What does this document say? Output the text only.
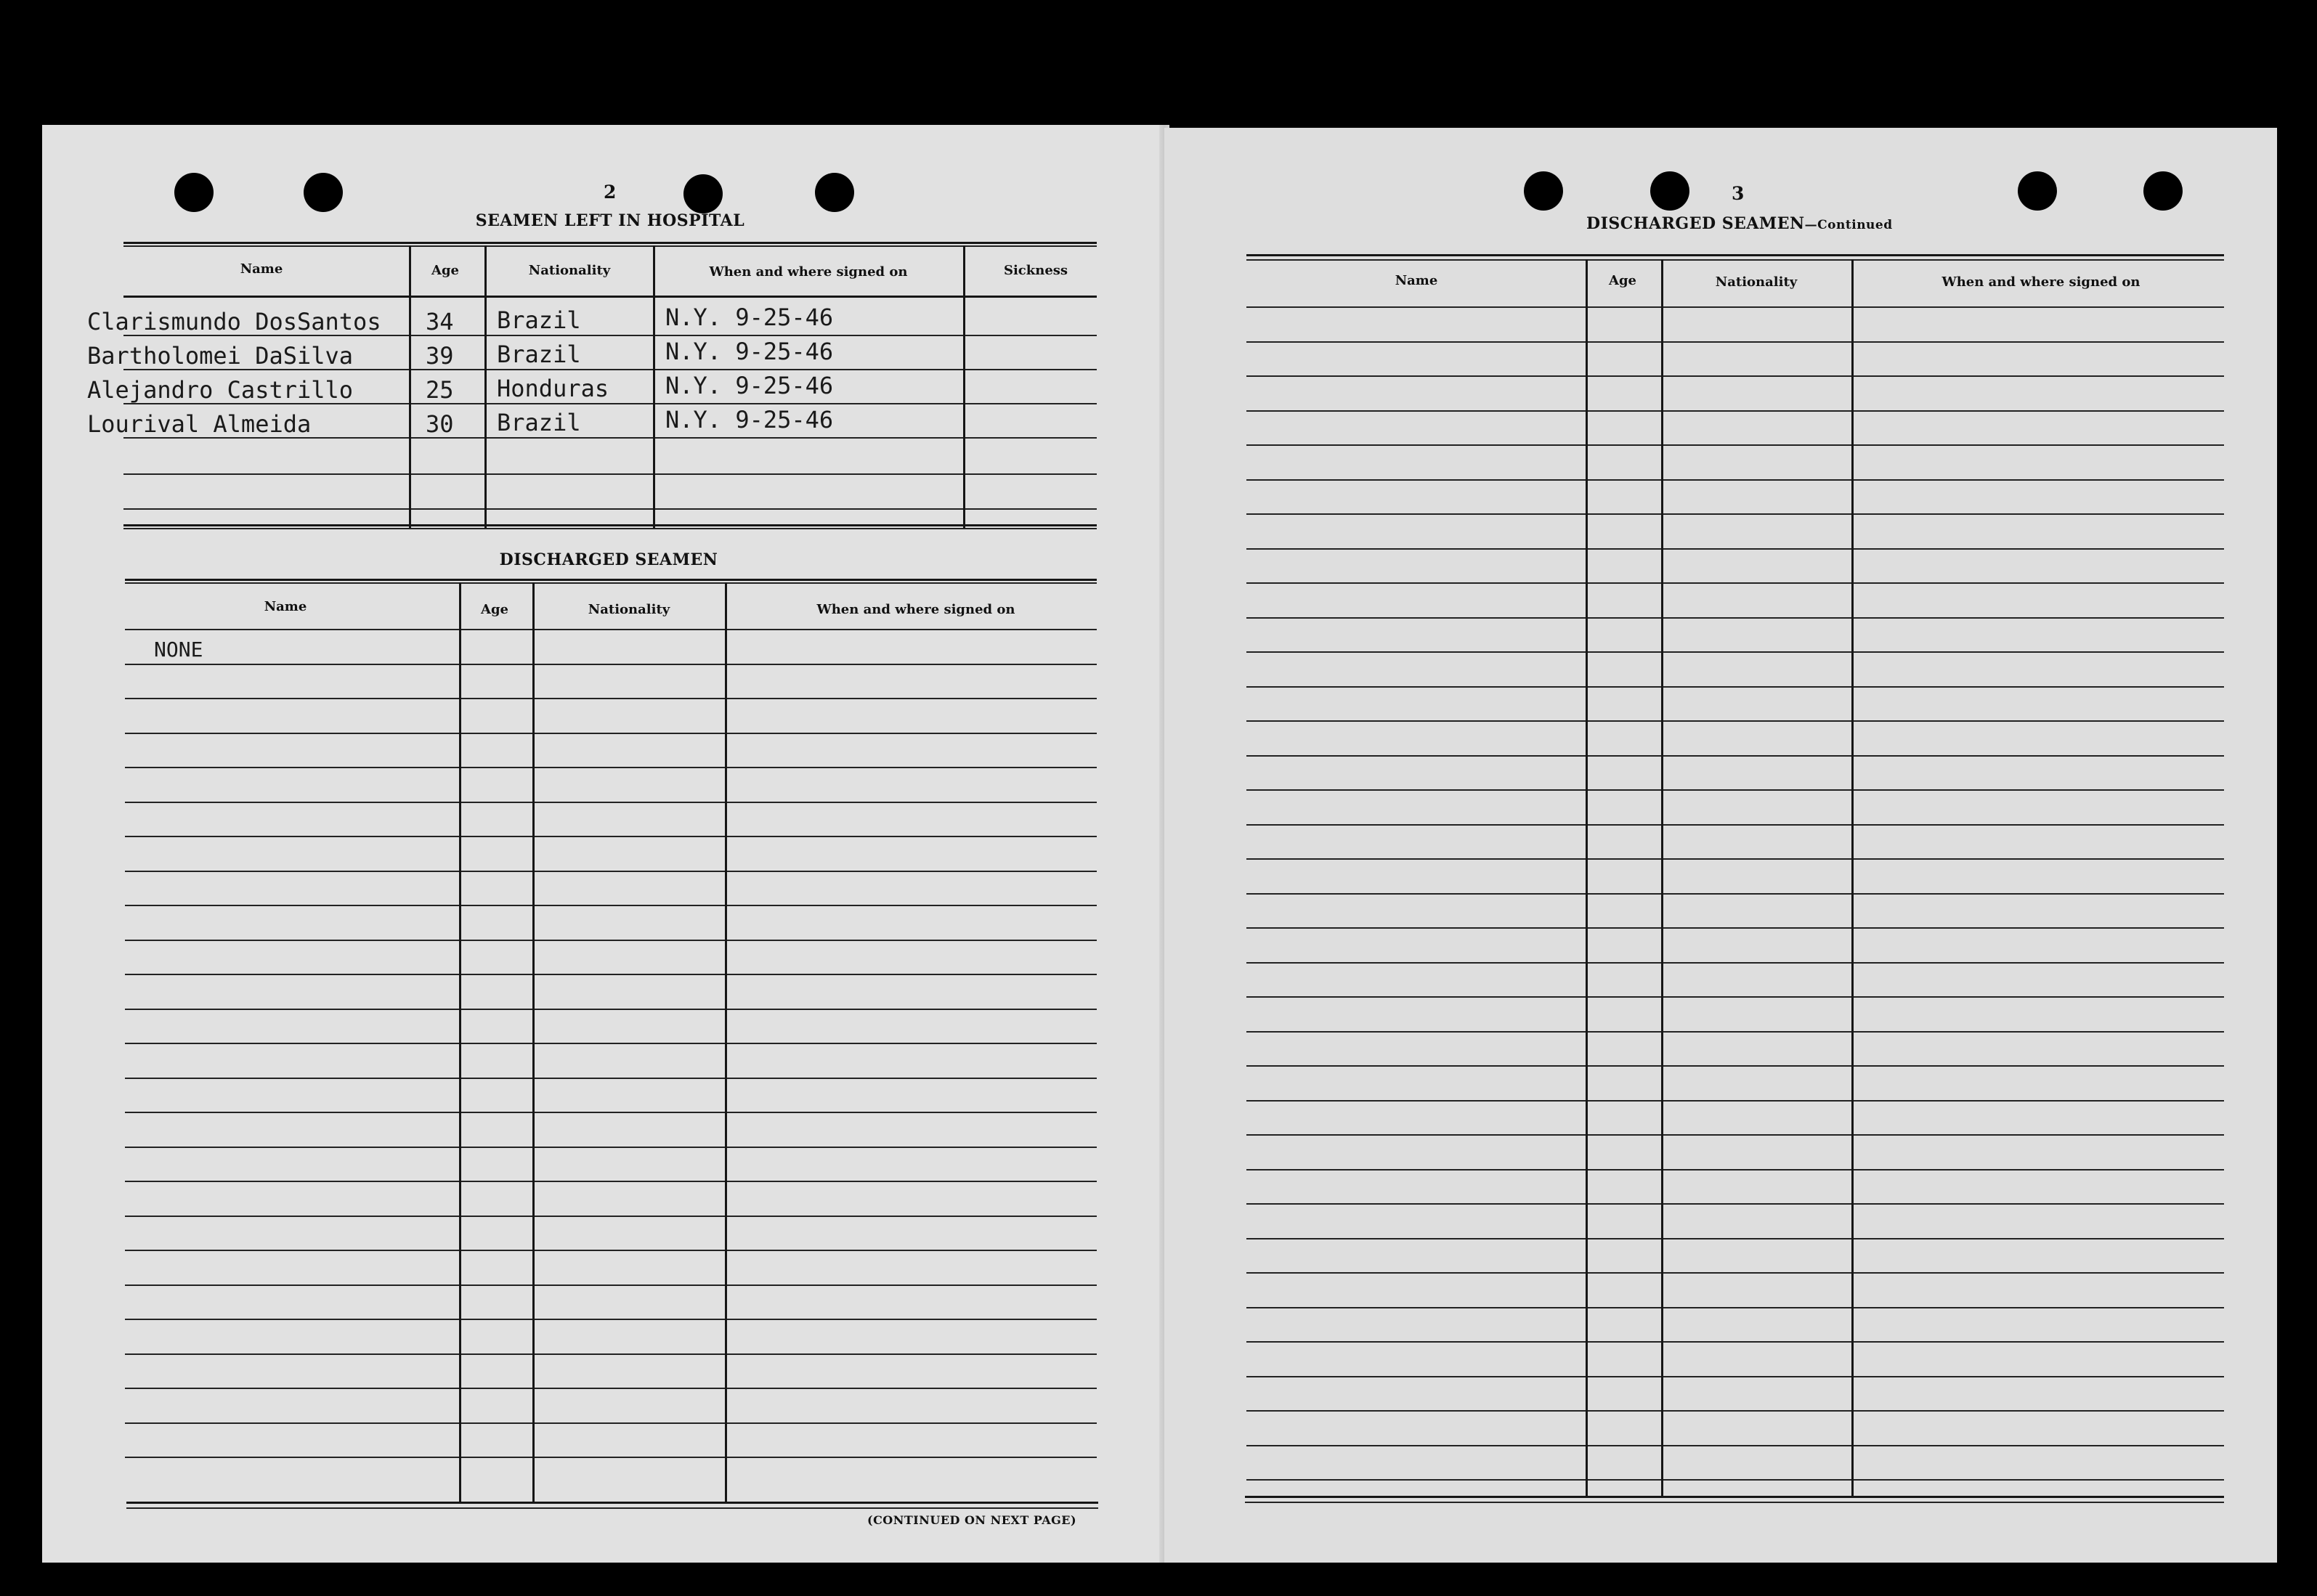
2
SEAMEN LEFT IN HOSPITAL
Name	Age	Nationality	When and where signed on	Sickness
Clarismundo DosSantos 34 Brazil	N.Y. 9-25-46
Bartholomei DaSilva	39 Brazil	N.Y. 9-25-46
Alejandro Castrillo	25 Honduras N.Y. 9-25-46
Lourival Almeida	30 Brazil	N.Y. 9-25-46
DISCHARGED SEAMEN
Name	Age	Nationality	When and where signed on
NONE
(CONTINUED ON NEXT PAGE)
3
DISCHARGED SEAMEN—Continued
Name	Age	Nationality	When and where signed on
